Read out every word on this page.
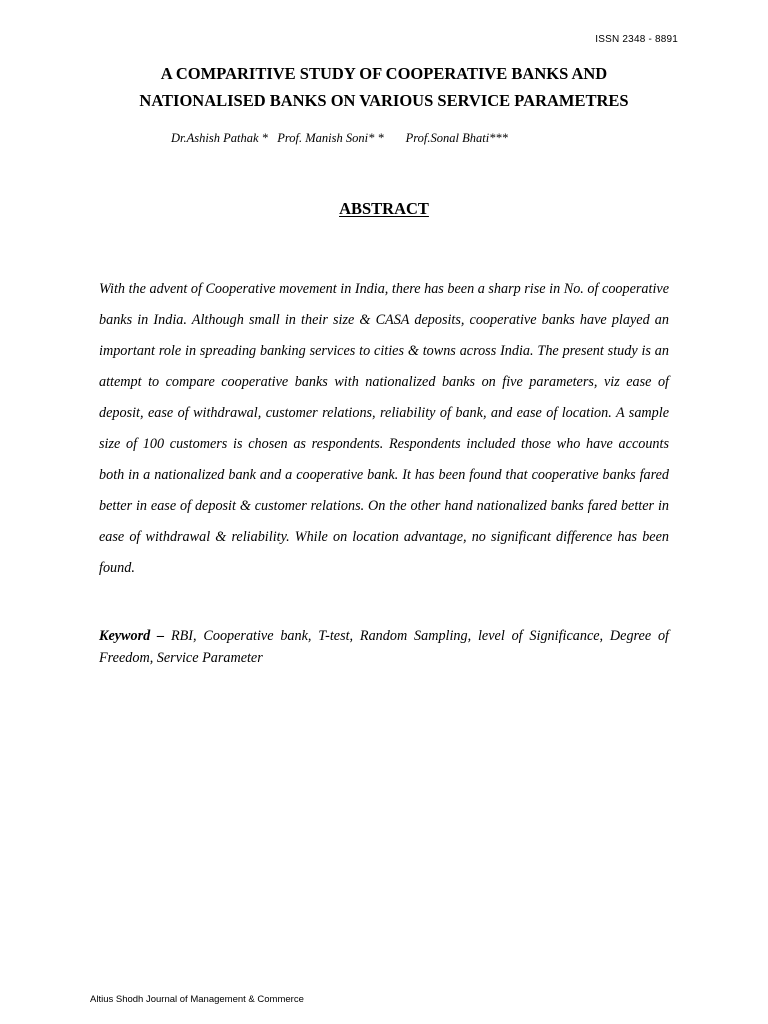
ISSN 2348 - 8891
A COMPARITIVE STUDY OF COOPERATIVE BANKS AND
NATIONALISED BANKS ON VARIOUS SERVICE PARAMETRES
Dr.Ashish Pathak * Prof. Manish Soni* * Prof.Sonal Bhati***
ABSTRACT

With the advent of Cooperative movement in India, there has been a sharp rise in No. of cooperative banks in India. Although small in their size & CASA deposits, cooperative banks have played an important role in spreading banking services to cities & towns across India. The present study is an attempt to compare cooperative banks with nationalized banks on five parameters, viz ease of deposit, ease of withdrawal, customer relations, reliability of bank, and ease of location. A sample size of 100 customers is chosen as respondents. Respondents included those who have accounts both in a nationalized bank and a cooperative bank. It has been found that cooperative banks fared better in ease of deposit & customer relations. On the other hand nationalized banks fared better in ease of withdrawal & reliability. While on location advantage, no significant difference has been found.

Keyword – RBI, Cooperative bank, T-test, Random Sampling, level of Significance, Degree of Freedom, Service Parameter

Altius Shodh Journal of Management & Commerce
